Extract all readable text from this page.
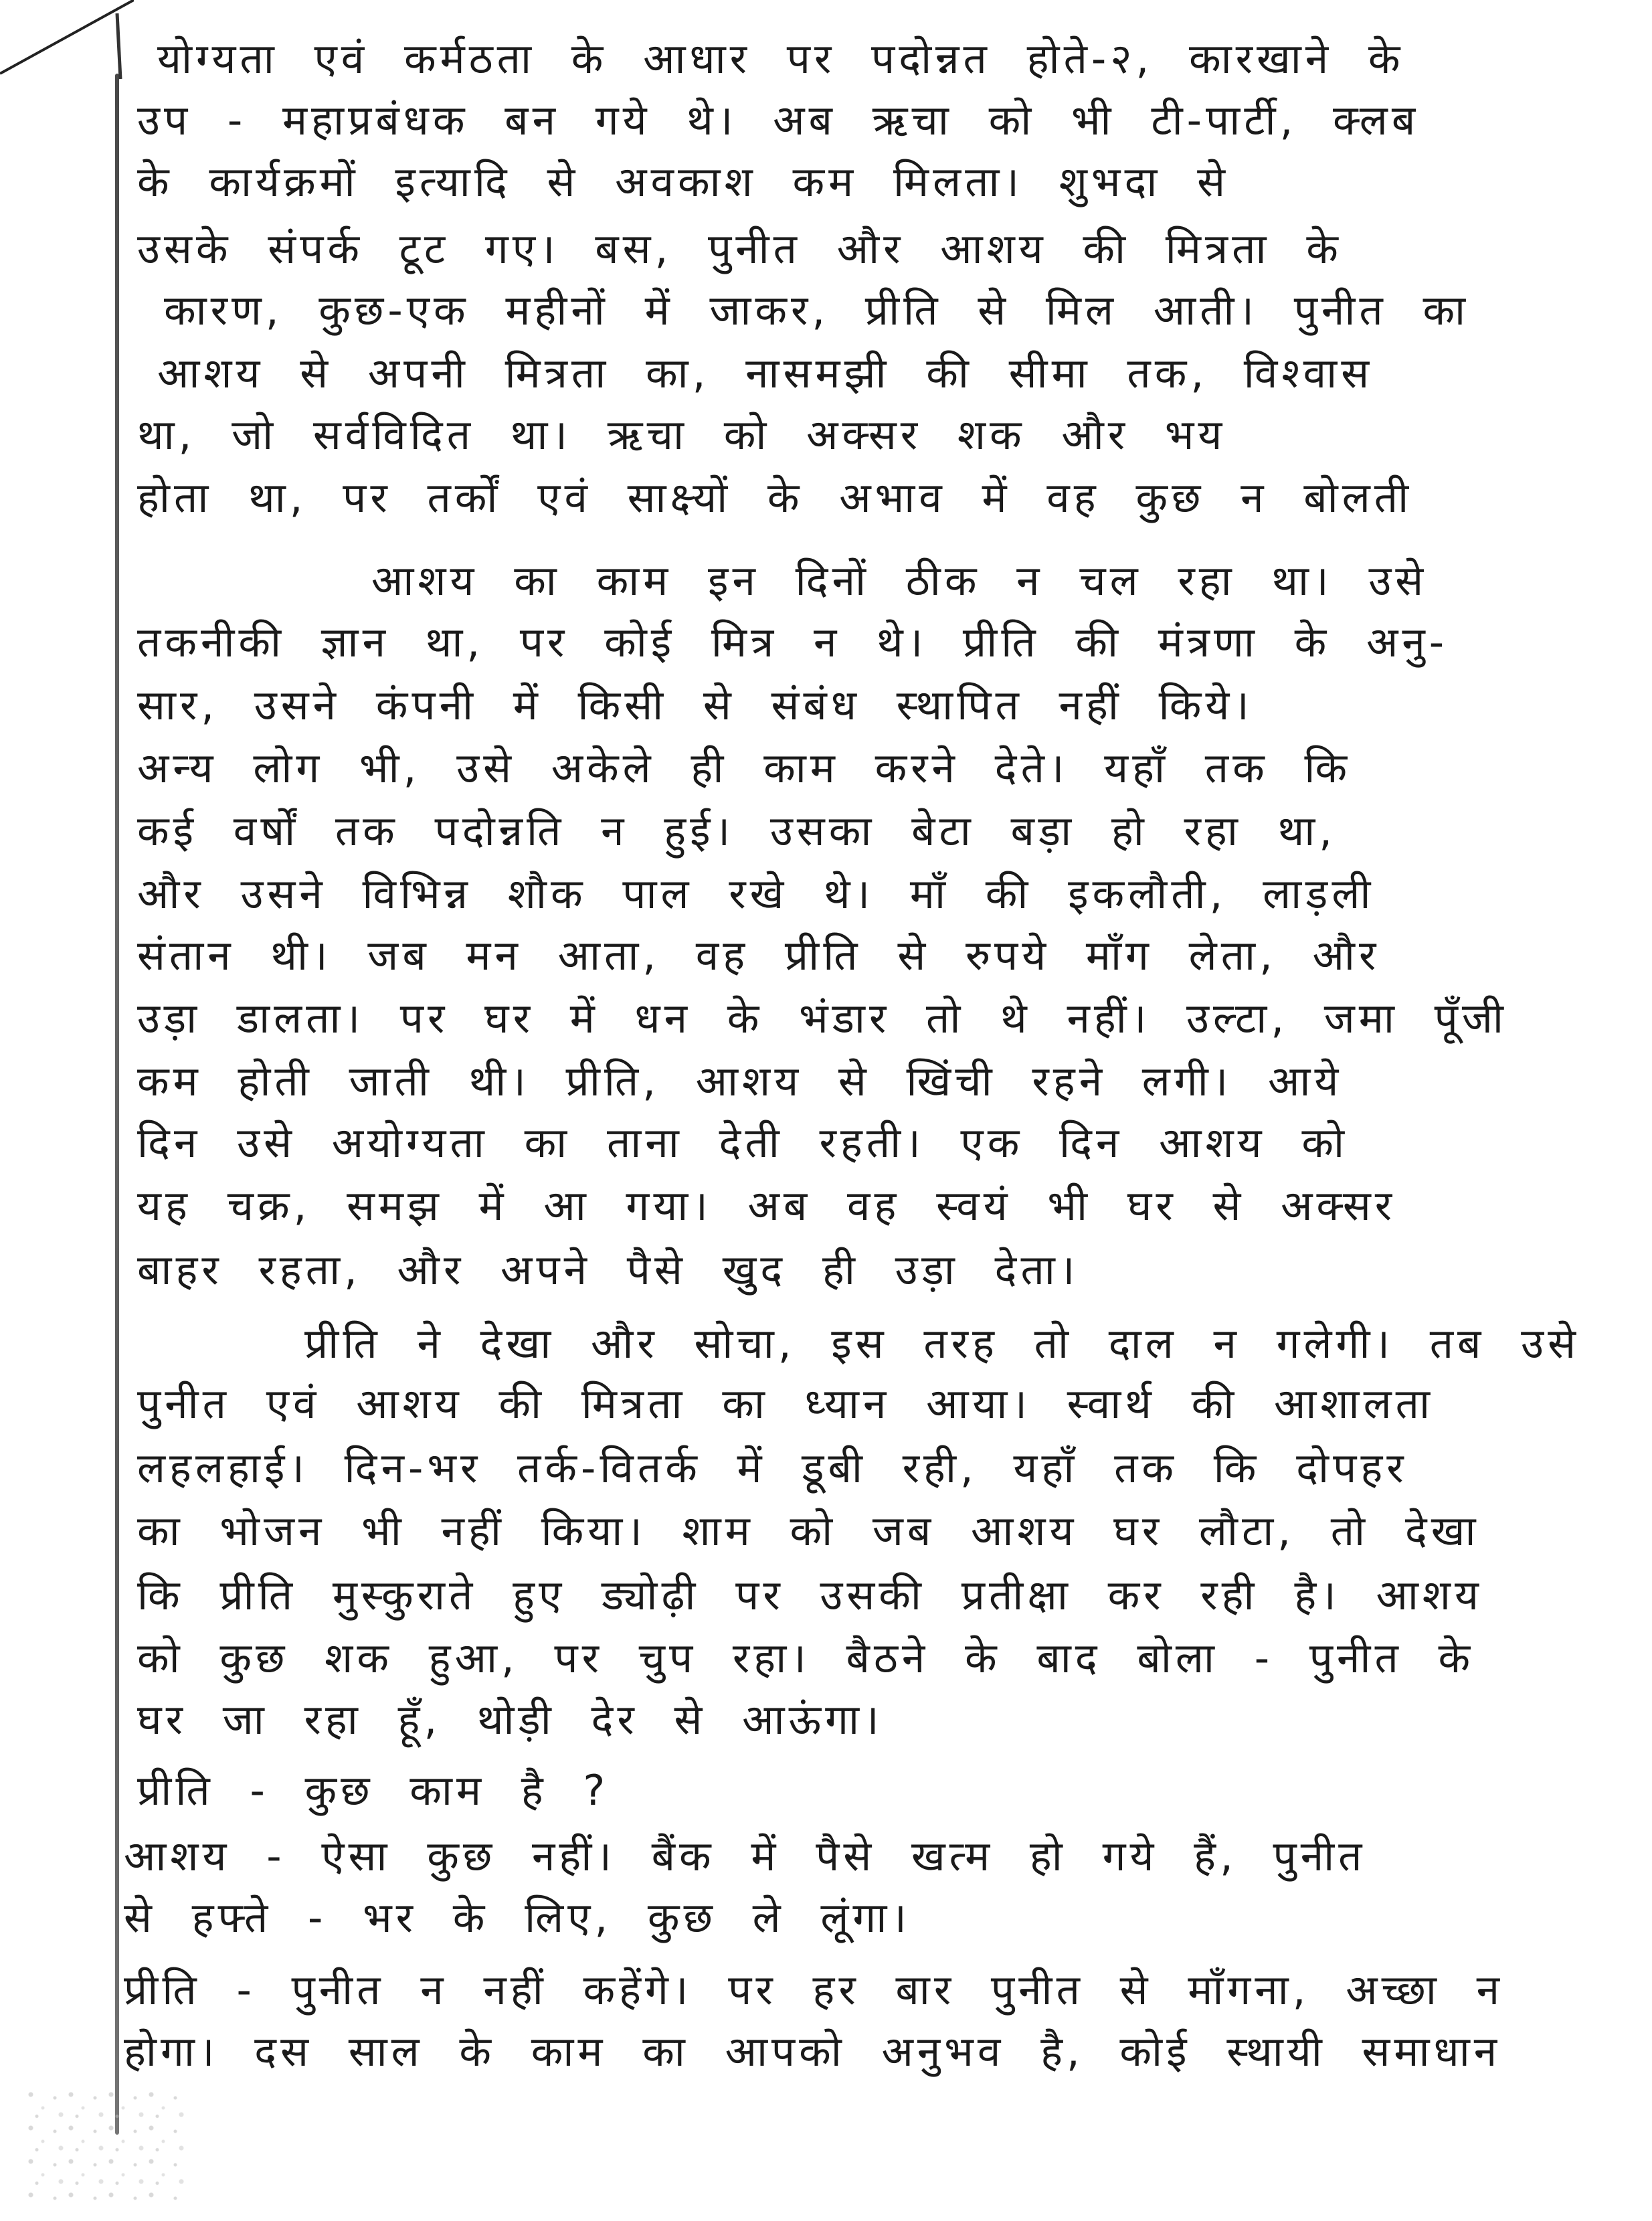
योग्यता एवं कर्मठता के आधार पर पदोन्नत होते-२, कारखाने के
उप - महाप्रबंधक बन गये थे। अब ऋचा को भी टी-पार्टी, क्लब
के कार्यक्रमों इत्यादि से अवकाश कम मिलता। शुभदा से
उसके संपर्क टूट गए। बस, पुनीत और आशय की मित्रता के
कारण, कुछ-एक महीनों में जाकर, प्रीति से मिल आती। पुनीत का
आशय से अपनी मित्रता का, नासमझी की सीमा तक, विश्वास
था, जो सर्वविदित था। ऋचा को अक्सर शक और भय
होता था, पर तर्कों एवं साक्ष्यों के अभाव में वह कुछ न बोलती
आशय का काम इन दिनों ठीक न चल रहा था। उसे
तकनीकी ज्ञान था, पर कोई मित्र न थे। प्रीति की मंत्रणा के अनु-
सार, उसने कंपनी में किसी से संबंध स्थापित नहीं किये।
अन्य लोग भी, उसे अकेले ही काम करने देते। यहाँ तक कि
कई वर्षों तक पदोन्नति न हुई। उसका बेटा बड़ा हो रहा था,
और उसने विभिन्न शौक पाल रखे थे। माँ की इकलौती, लाड़ली
संतान थी। जब मन आता, वह प्रीति से रुपये माँग लेता, और
उड़ा डालता। पर घर में धन के भंडार तो थे नहीं। उल्टा, जमा पूँजी
कम होती जाती थी। प्रीति, आशय से खिंची रहने लगी। आये
दिन उसे अयोग्यता का ताना देती रहती। एक दिन आशय को
यह चक्र, समझ में आ गया। अब वह स्वयं भी घर से अक्सर
बाहर रहता, और अपने पैसे खुद ही उड़ा देता।
प्रीति ने देखा और सोचा, इस तरह तो दाल न गलेगी। तब उसे
पुनीत एवं आशय की मित्रता का ध्यान आया। स्वार्थ की आशालता
लहलहाई। दिन-भर तर्क-वितर्क में डूबी रही, यहाँ तक कि दोपहर
का भोजन भी नहीं किया। शाम को जब आशय घर लौटा, तो देखा
कि प्रीति मुस्कुराते हुए ड्योढ़ी पर उसकी प्रतीक्षा कर रही है। आशय
को कुछ शक हुआ, पर चुप रहा। बैठने के बाद बोला - पुनीत के
घर जा रहा हूँ, थोड़ी देर से आऊंगा।
प्रीति - कुछ काम है ?
आशय - ऐसा कुछ नहीं। बैंक में पैसे खत्म हो गये हैं, पुनीत
से हफ्ते - भर के लिए, कुछ ले लूंगा।
प्रीति - पुनीत न नहीं कहेंगे। पर हर बार पुनीत से माँगना, अच्छा न
होगा। दस साल के काम का आपको अनुभव है, कोई स्थायी समाधान
